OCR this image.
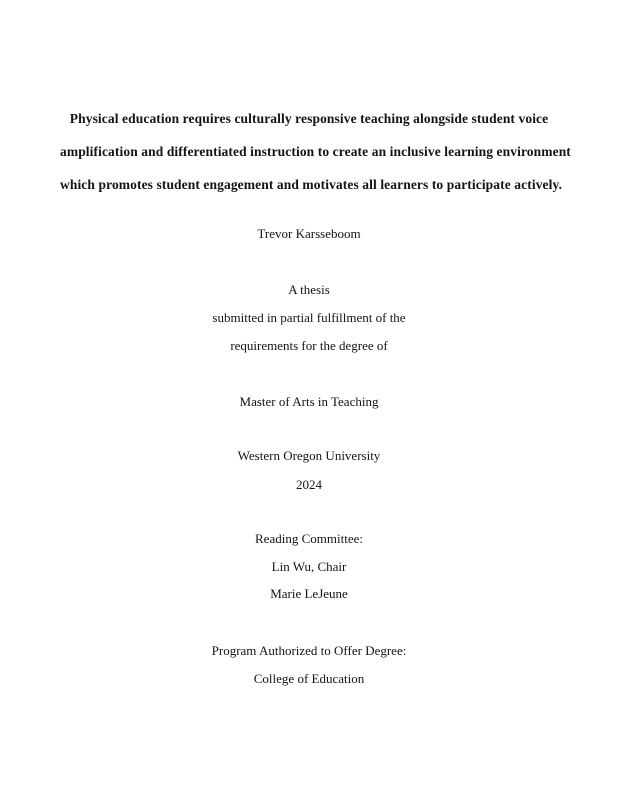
Physical education requires culturally responsive teaching alongside student voice
amplification and differentiated instruction to create an inclusive learning environment
which promotes student engagement and motivates all learners to participate actively.
Trevor Karsseboom
A thesis
submitted in partial fulfillment of the
requirements for the degree of
Master of Arts in Teaching
Western Oregon University
2024
Reading Committee:
Lin Wu, Chair
Marie LeJeune
Program Authorized to Offer Degree:
College of Education
